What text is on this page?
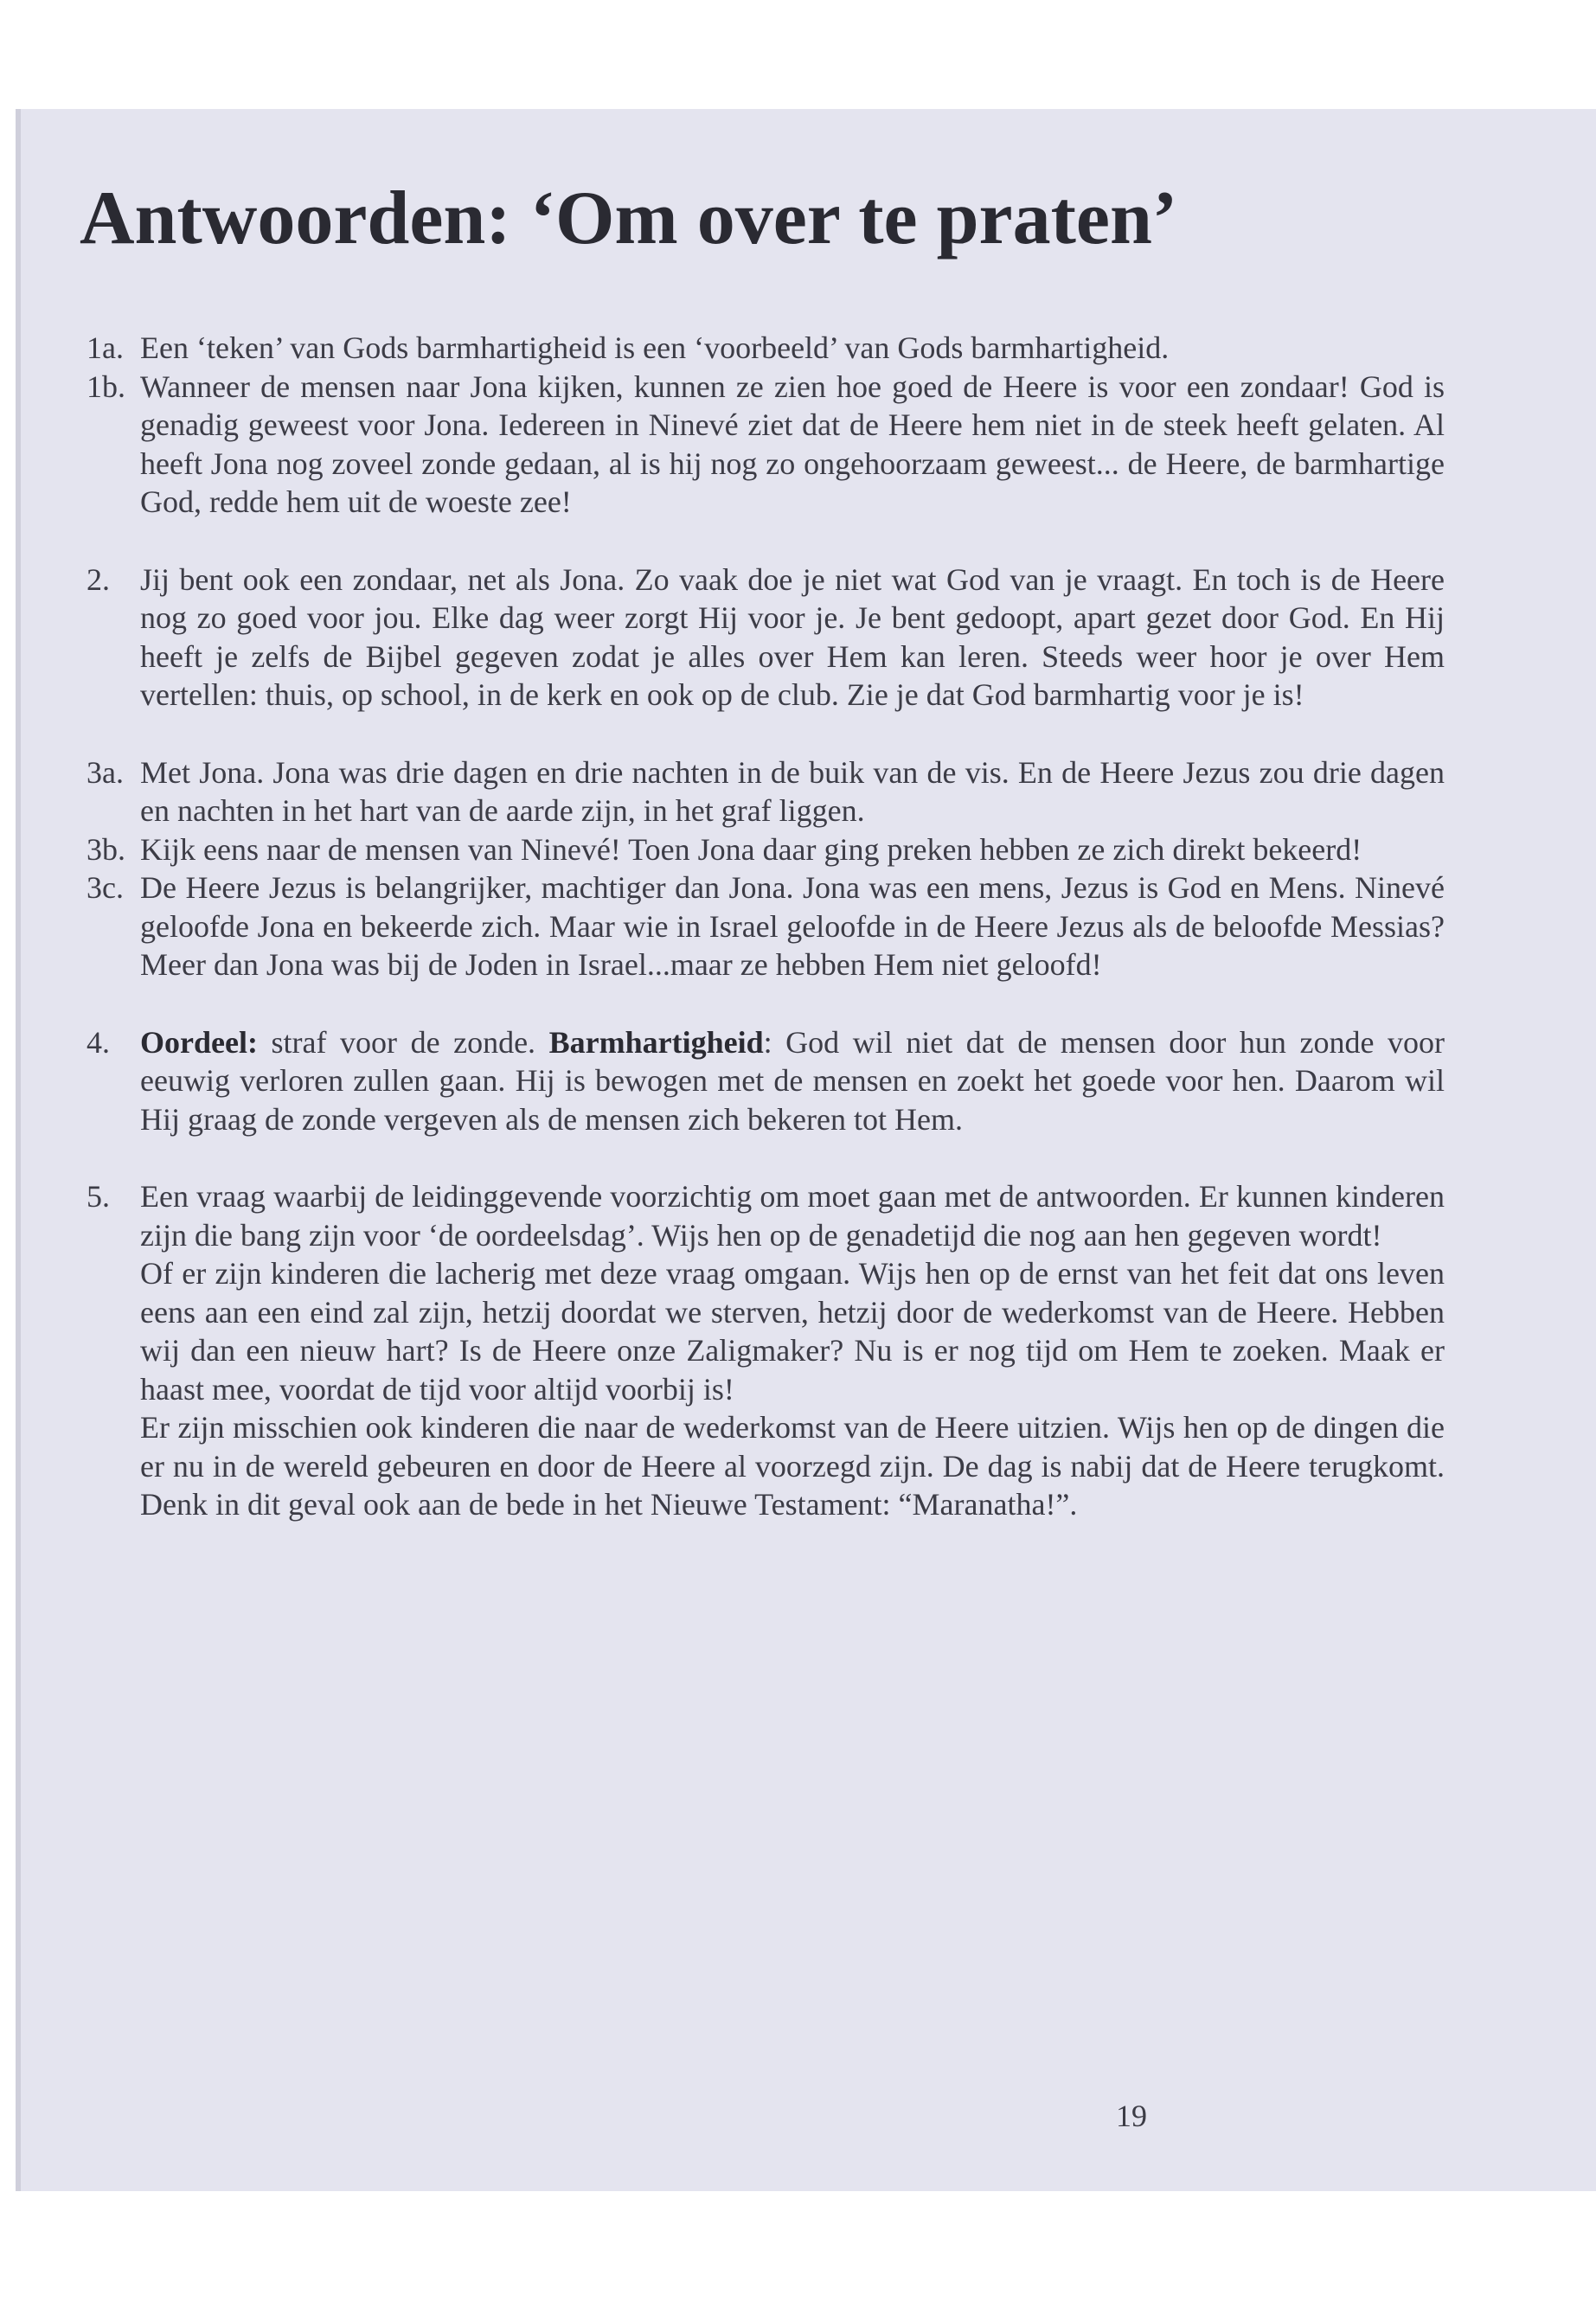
Antwoorden: ‘Om over te praten’
1a. Een ‘teken’ van Gods barmhartigheid is een ‘voorbeeld’ van Gods barmhartigheid.
1b. Wanneer de mensen naar Jona kijken, kunnen ze zien hoe goed de Heere is voor een zondaar! God is genadig geweest voor Jona. Iedereen in Ninevé ziet dat de Heere hem niet in de steek heeft gelaten. Al heeft Jona nog zoveel zonde gedaan, al is hij nog zo ongehoorzaam geweest... de Heere, de barmhartige God, redde hem uit de woeste zee!
2. Jij bent ook een zondaar, net als Jona. Zo vaak doe je niet wat God van je vraagt. En toch is de Heere nog zo goed voor jou. Elke dag weer zorgt Hij voor je. Je bent gedoopt, apart gezet door God. En Hij heeft je zelfs de Bijbel gegeven zodat je alles over Hem kan leren. Steeds weer hoor je over Hem vertellen: thuis, op school, in de kerk en ook op de club. Zie je dat God barmhartig voor je is!
3a. Met Jona. Jona was drie dagen en drie nachten in de buik van de vis. En de Heere Jezus zou drie dagen en nachten in het hart van de aarde zijn, in het graf liggen.
3b. Kijk eens naar de mensen van Ninevé! Toen Jona daar ging preken hebben ze zich direkt bekeerd!
3c. De Heere Jezus is belangrijker, machtiger dan Jona. Jona was een mens, Jezus is God en Mens. Ninevé geloofde Jona en bekeerde zich. Maar wie in Israel geloofde in de Heere Jezus als de beloofde Messias? Meer dan Jona was bij de Joden in Israel...maar ze hebben Hem niet geloofd!
4. Oordeel: straf voor de zonde. Barmhartigheid: God wil niet dat de mensen door hun zonde voor eeuwig verloren zullen gaan. Hij is bewogen met de mensen en zoekt het goede voor hen. Daarom wil Hij graag de zonde vergeven als de mensen zich bekeren tot Hem.
5. Een vraag waarbij de leidinggevende voorzichtig om moet gaan met de antwoorden. Er kunnen kinderen zijn die bang zijn voor ‘de oordeelsdag’. Wijs hen op de genadetijd die nog aan hen gegeven wordt!
Of er zijn kinderen die lacherig met deze vraag omgaan. Wijs hen op de ernst van het feit dat ons leven eens aan een eind zal zijn, hetzij doordat we sterven, hetzij door de wederkomst van de Heere. Hebben wij dan een nieuw hart? Is de Heere onze Zaligmaker? Nu is er nog tijd om Hem te zoeken. Maak er haast mee, voordat de tijd voor altijd voorbij is!
Er zijn misschien ook kinderen die naar de wederkomst van de Heere uitzien. Wijs hen op de dingen die er nu in de wereld gebeuren en door de Heere al voorzegd zijn. De dag is nabij dat de Heere terugkomt. Denk in dit geval ook aan de bede in het Nieuwe Testament: “Maranatha!”.
19
